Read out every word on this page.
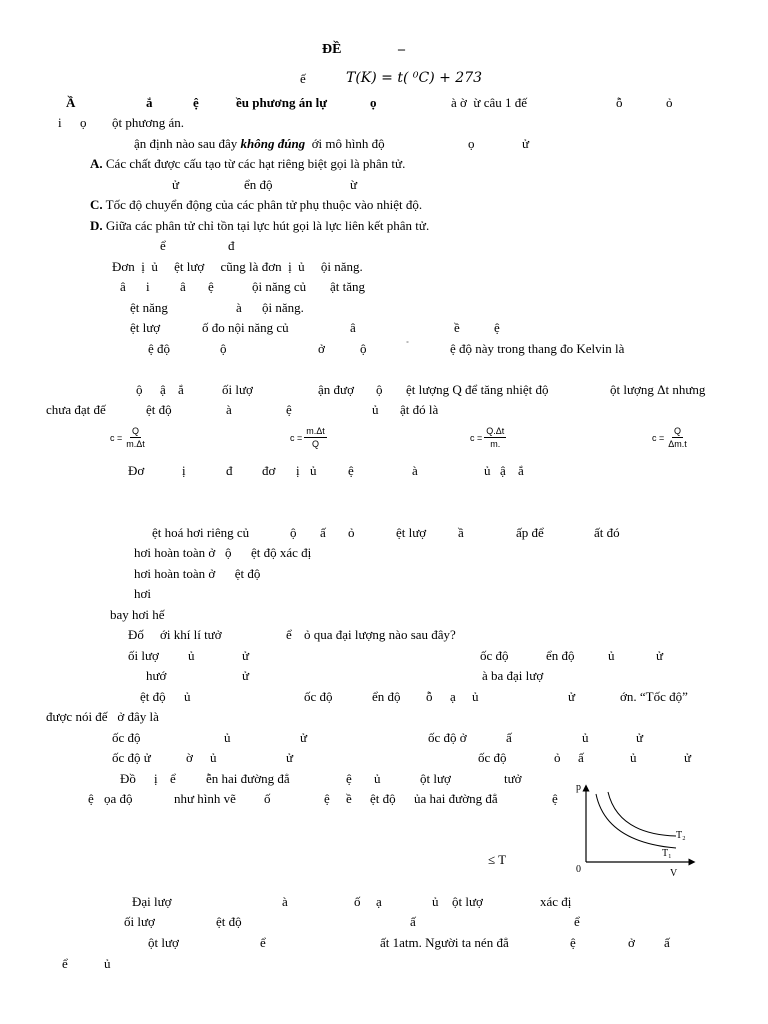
ĐỀ	–
ế	T(K) = t( ⁰C) + 273
Ầ	ắ	ệ	ều phương án lự	ọ	à ờ  ừ câu 1 đế	ỗ	ỏ
i ọ ột phương án.
ận định nào sau đây không đúng ới mô hình độ	ọ	ử
A. Các chất được cấu tạo từ các hạt riêng biệt gọi là phân tử.
ử	ển độ	ừ
C. Tốc độ chuyển động của các phân tử phụ thuộc vào nhiệt độ.
D. Giữa các phân tử chỉ tồn tại lực hút gọi là lực liên kết phân tử.
ể	đ
Đơn  ị  ủ     ệt lượ     cũng là đơn  ị  ủ     ội năng.
â i â ệ	ội năng củ ật tăng
ệt năng	à ội năng.
ệt lượ	ố đo nội năng củ	â	ề	ệ
ệ độ	ộ	ở	ộ	˚	ệ độ này trong thang đo Kelvin là
ộ ậ ắ	ối lượ	ận đượ ộ ệt lượng Q để tăng nhiệt độ	ột lượng Δt nhưng
chưa đạt đế	ệt độ	à	ệ	ủ ật đó là
$c = \frac{Q}{m.\Delta t}$	$c = \frac{m.\Delta t}{Q}$	$c = \frac{Q.\Delta t}{m.}$	$c = \frac{Q}{\Delta m.t}$
Đơ	ị	đ đơ ị ủ ệ	à	ủ ậ ắ
ệt hoá hơi riêng củ	ộ ấ ỏ	ệt lượ ầ	ấp để	ất đó
hơi hoàn toàn ở   ộ      ệt độ xác đị
hơi hoàn toàn ở      ệt độ
hơi
bay hơi hế
Đố ới khí lí tưở	ể ỏ qua đại lượng nào sau đây?
ối lượ ủ	ử	ốc độ	ển độ	ủ	ử
hướ	ử	à ba đại lượ
ệt độ ủ	ốc độ	ển độ ỗ ạ ủ	ử	ớn. “Tốc độ”
được nói đế   ở đây là
ốc độ	ủ	ử	ốc độ ở	ấ	ủ	ử
ốc độ ử	ờ ủ	ử	ốc độ	ỏ ấ	ủ	ử
Đồ ị ể ễn hai đường đẳ	ệ ủ	ột lượ	tưở
ệ ọa độ	như hình vẽ ố	ệ ề ệt độ ủa hai đường đẳ	ệ
≤ T
p
V
0
T₂
T₁
Đại lượ	à	ố ạ	ủ ột lượ	xác đị
ối lượ	ệt độ	ấ	ể
ột lượ	ể	ất 1atm. Người ta nén đẳ	ệ	ở ấ
ể	ủ
